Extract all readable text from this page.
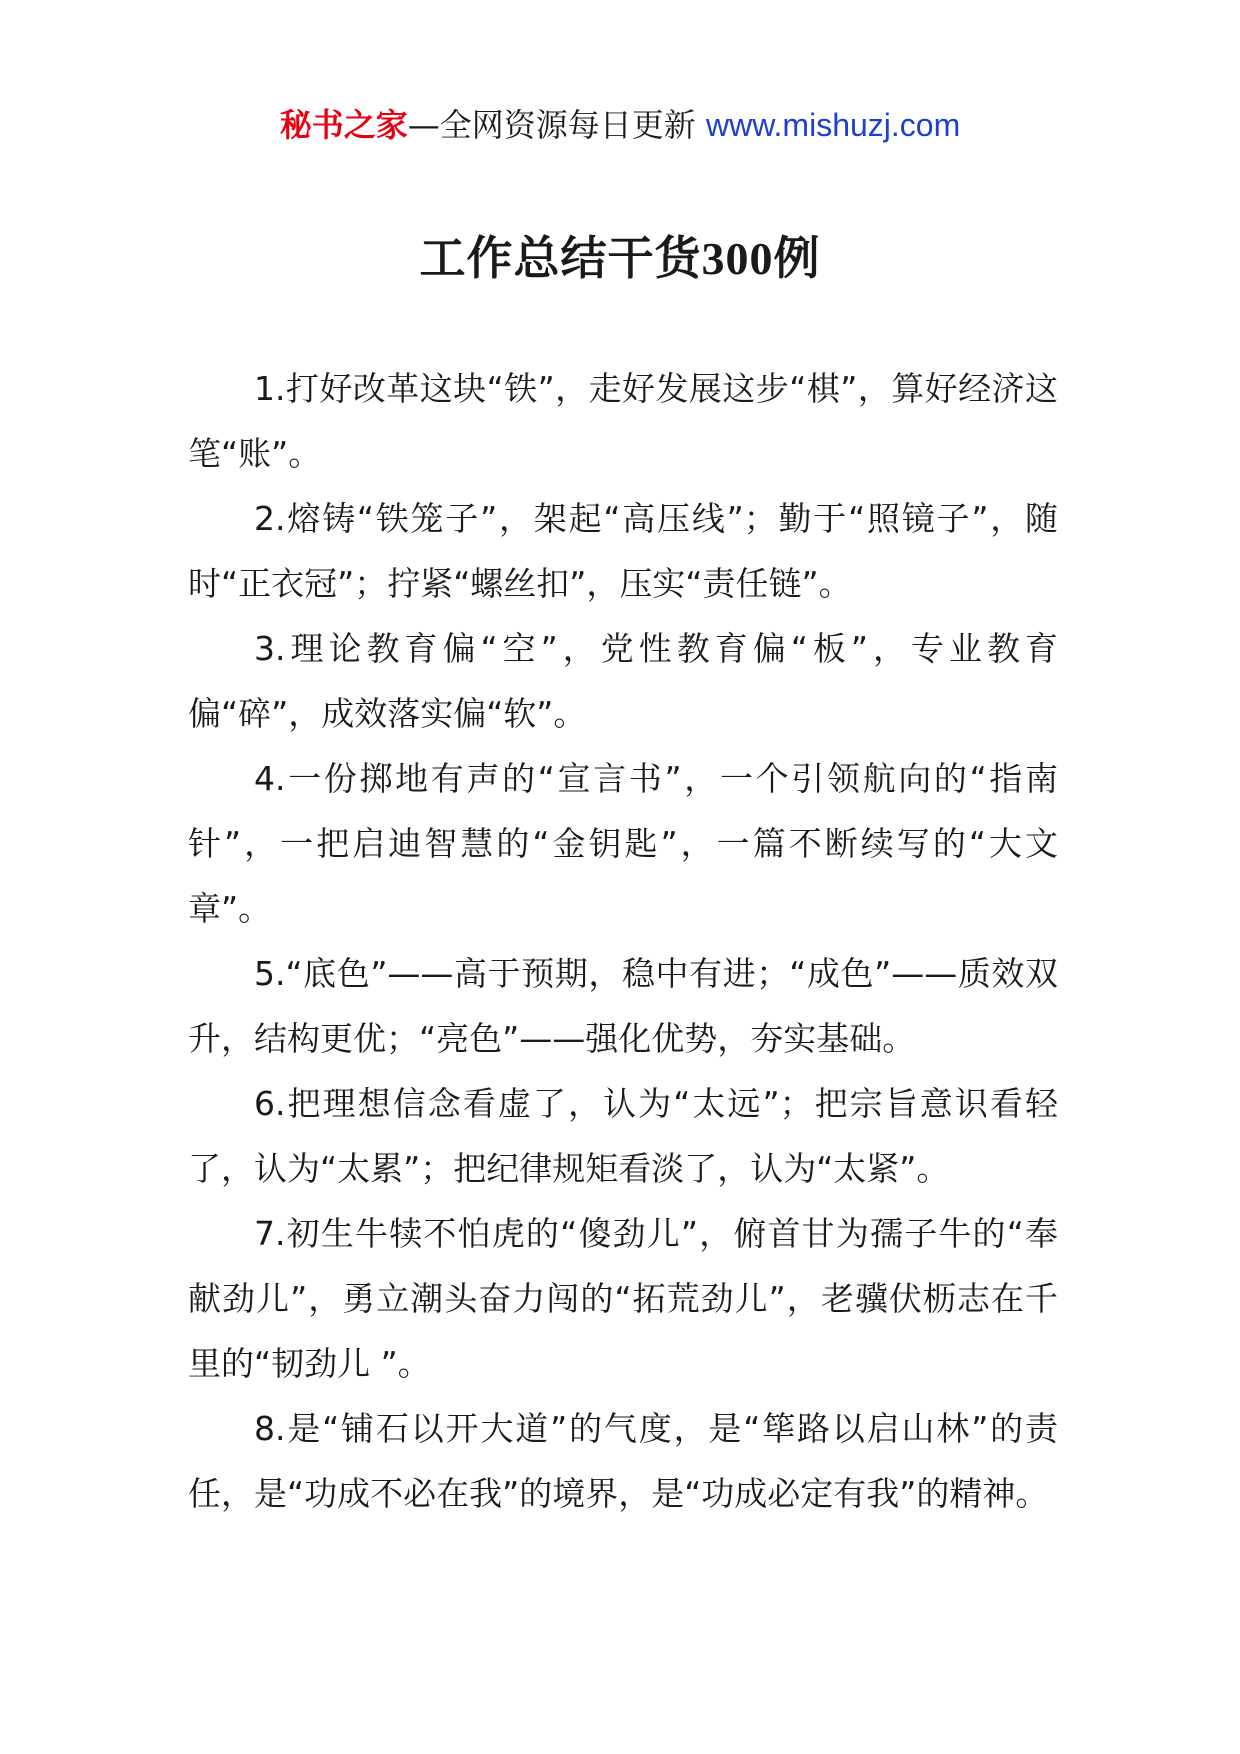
秘书之家—全网资源每日更新 www.mishuzj.com
工作总结干货300例

1.打好改革这块“铁”，走好发展这步“棋”，算好经济这笔“账”。

2.熔铸“铁笼子”，架起“高压线”；勤于“照镜子”，随时“正衣冠”；拧紧“螺丝扣”，压实“责任链”。

3.理论教育偏“空”，党性教育偏“板”，专业教育偏“碎”，成效落实偏“软”。

4.一份掷地有声的“宣言书”，一个引领航向的“指南针”，一把启迪智慧的“金钥匙”，一篇不断续写的“大文章”。

5.“底色”——高于预期，稳中有进；“成色”——质效双升，结构更优；“亮色”——强化优势，夯实基础。

6.把理想信念看虚了，认为“太远”；把宗旨意识看轻了，认为“太累”；把纪律规矩看淡了，认为“太紧”。

7.初生牛犊不怕虎的“傻劲儿”，俯首甘为孺子牛的“奉献劲儿”，勇立潮头奋力闯的“拓荒劲儿”，老骥伏枥志在千里的“韧劲儿 ”。

8.是“铺石以开大道”的气度，是“筚路以启山林”的责任，是“功成不必在我”的境界，是“功成必定有我”的精神。
